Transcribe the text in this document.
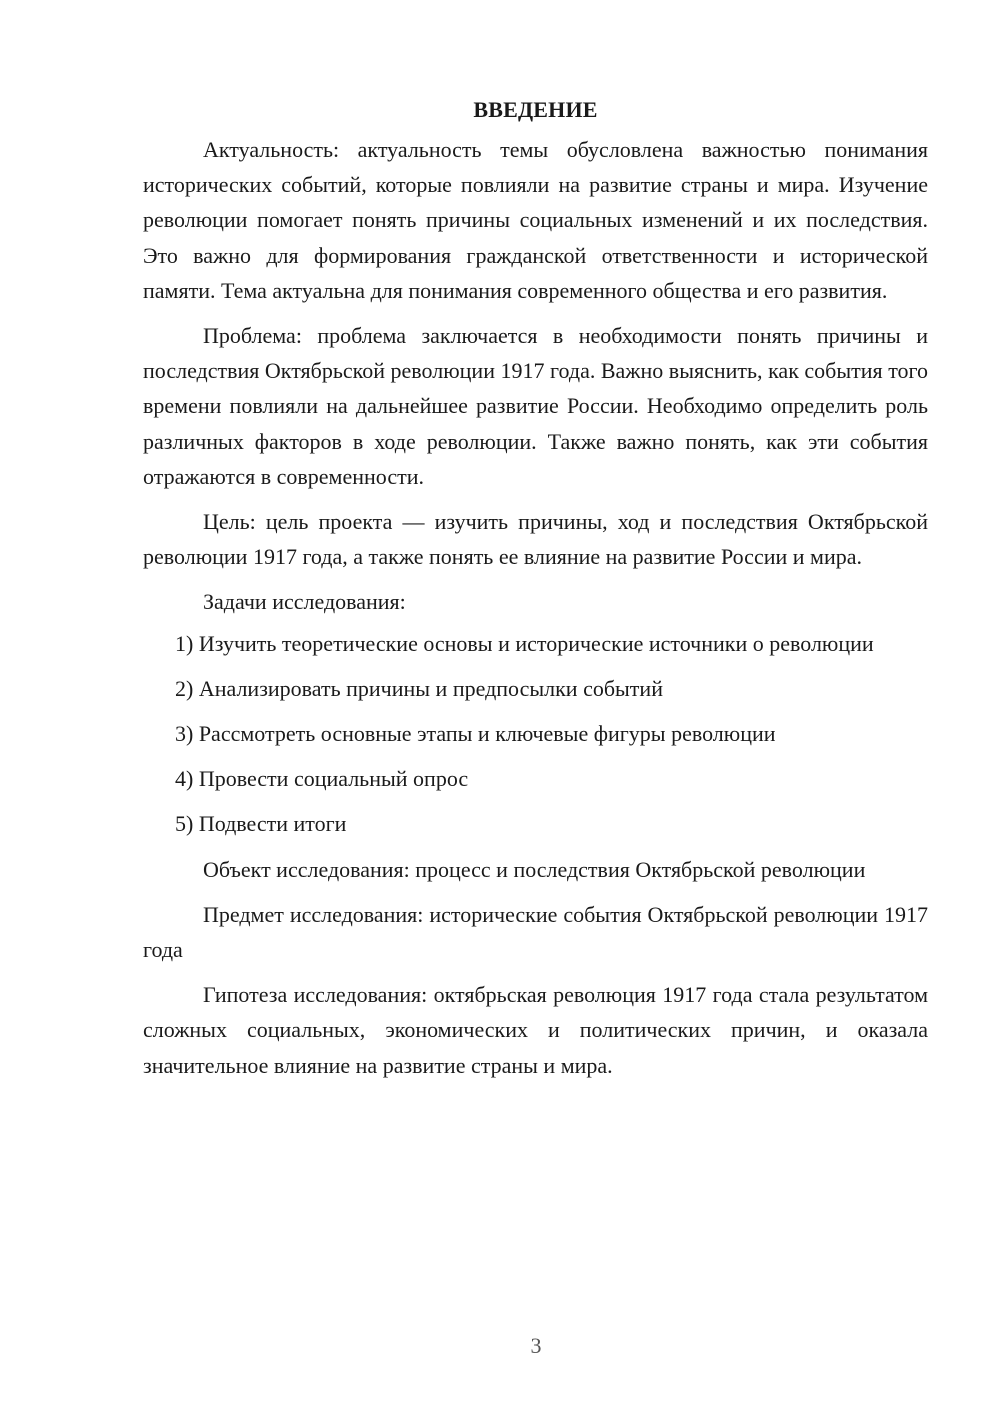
ВВЕДЕНИЕ

Актуальность: актуальность темы обусловлена важностью понимания исторических событий, которые повлияли на развитие страны и мира. Изучение революции помогает понять причины социальных изменений и их последствия. Это важно для формирования гражданской ответственности и исторической памяти. Тема актуальна для понимания современного общества и его развития.

Проблема: проблема заключается в необходимости понять причины и последствия Октябрьской революции 1917 года. Важно выяснить, как события того времени повлияли на дальнейшее развитие России. Необходимо определить роль различных факторов в ходе революции. Также важно понять, как эти события отражаются в современности.

Цель: цель проекта — изучить причины, ход и последствия Октябрьской революции 1917 года, а также понять ее влияние на развитие России и мира.

Задачи исследования:

1) Изучить теоретические основы и исторические источники о революции

2) Анализировать причины и предпосылки событий

3) Рассмотреть основные этапы и ключевые фигуры революции

4) Провести социальный опрос

5) Подвести итоги

Объект исследования: процесс и последствия Октябрьской революции

Предмет исследования: исторические события Октябрьской революции 1917 года

Гипотеза исследования: октябрьская революция 1917 года стала результатом сложных социальных, экономических и политических причин, и оказала значительное влияние на развитие страны и мира.

3
